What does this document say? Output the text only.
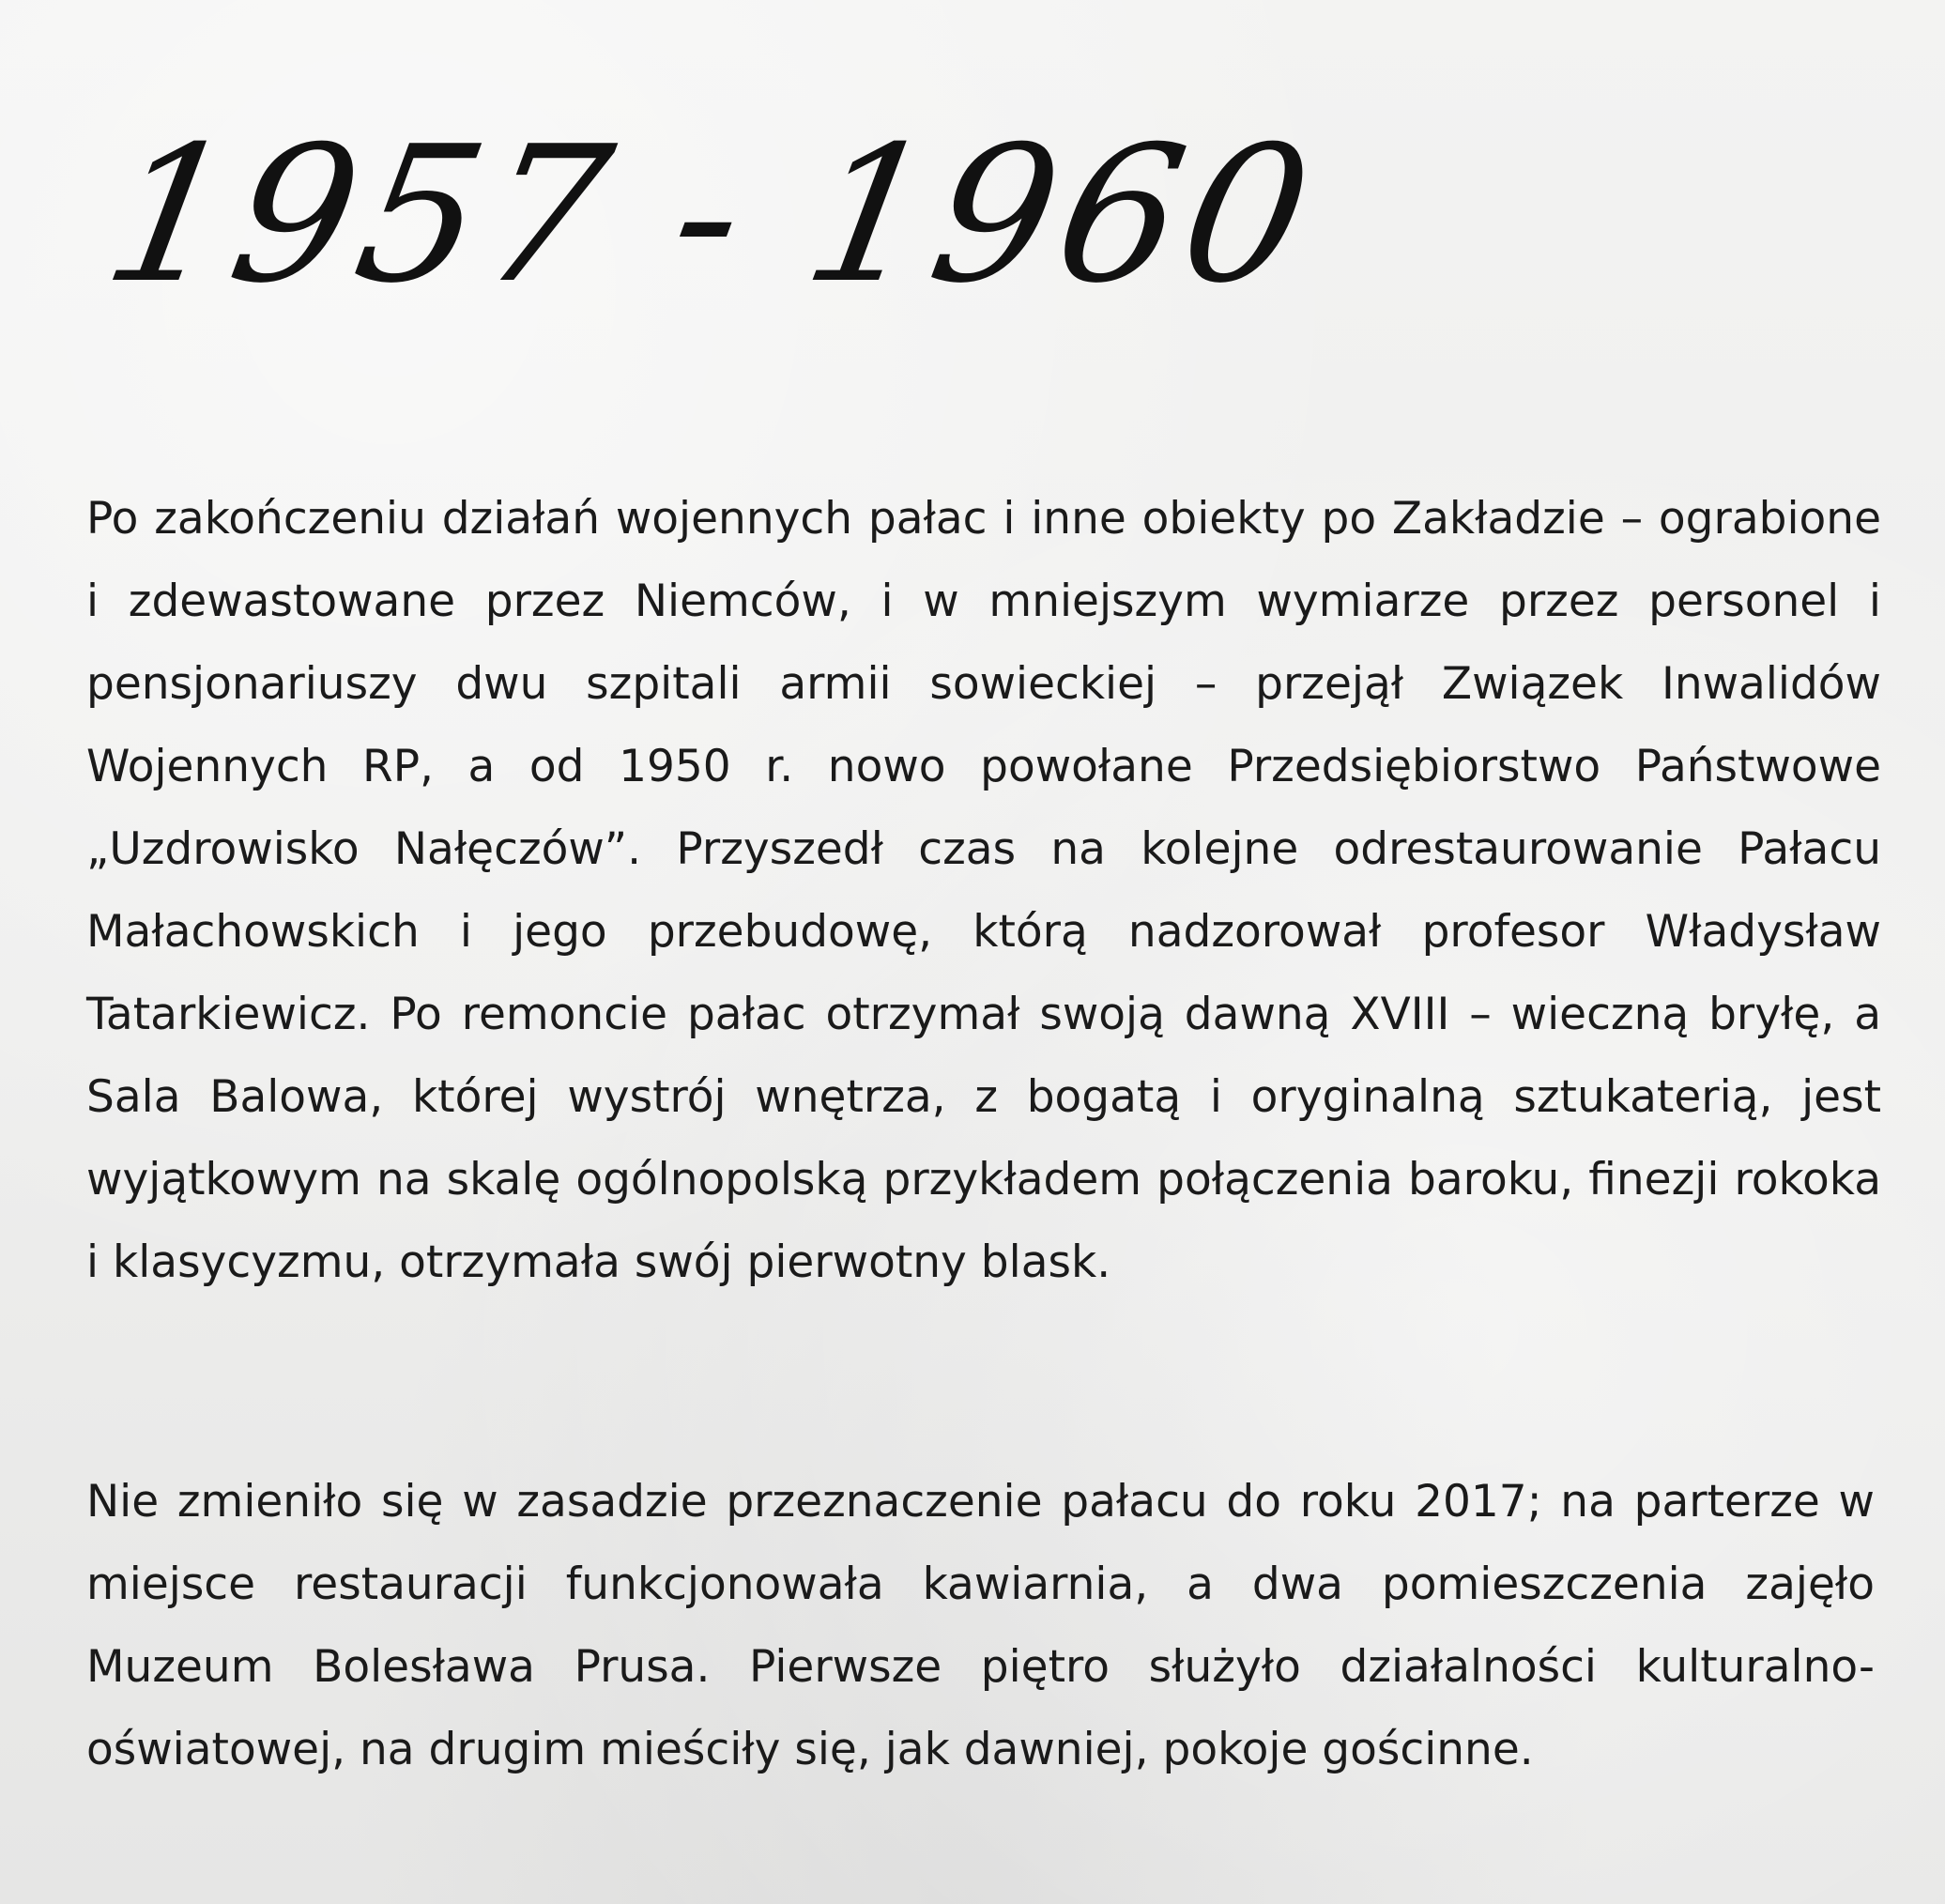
1957 - 1960

Po zakończeniu działań wojennych pałac i inne obiekty po Zakładzie – ograbione i zdewastowane przez Niemców, i w mniejszym wymiarze przez personel i pensjonariuszy dwu szpitali armii sowieckiej – przejął Związek Inwalidów Wojennych RP, a od 1950 r. nowo powołane Przedsiębiorstwo Państwowe „Uzdrowisko Nałęczów”. Przyszedł czas na kolejne odrestaurowanie Pałacu Małachowskich i jego przebudowę, którą nadzorował profesor Władysław Tatarkiewicz. Po remoncie pałac otrzymał swoją dawną XVIII – wieczną bryłę, a Sala Balowa, której wystrój wnętrza, z bogatą i oryginalną sztukaterią, jest wyjątkowym na skalę ogólnopolską przykładem połączenia baroku, finezji rokoka i klasycyzmu, otrzymała swój pierwotny blask.

Nie zmieniło się w zasadzie przeznaczenie pałacu do roku 2017; na parterze w miejsce restauracji funkcjonowała kawiarnia, a dwa pomieszczenia zajęło Muzeum Bolesława Prusa. Pierwsze piętro służyło działalności kulturalno-oświatowej, na drugim mieściły się, jak dawniej, pokoje gościnne.
